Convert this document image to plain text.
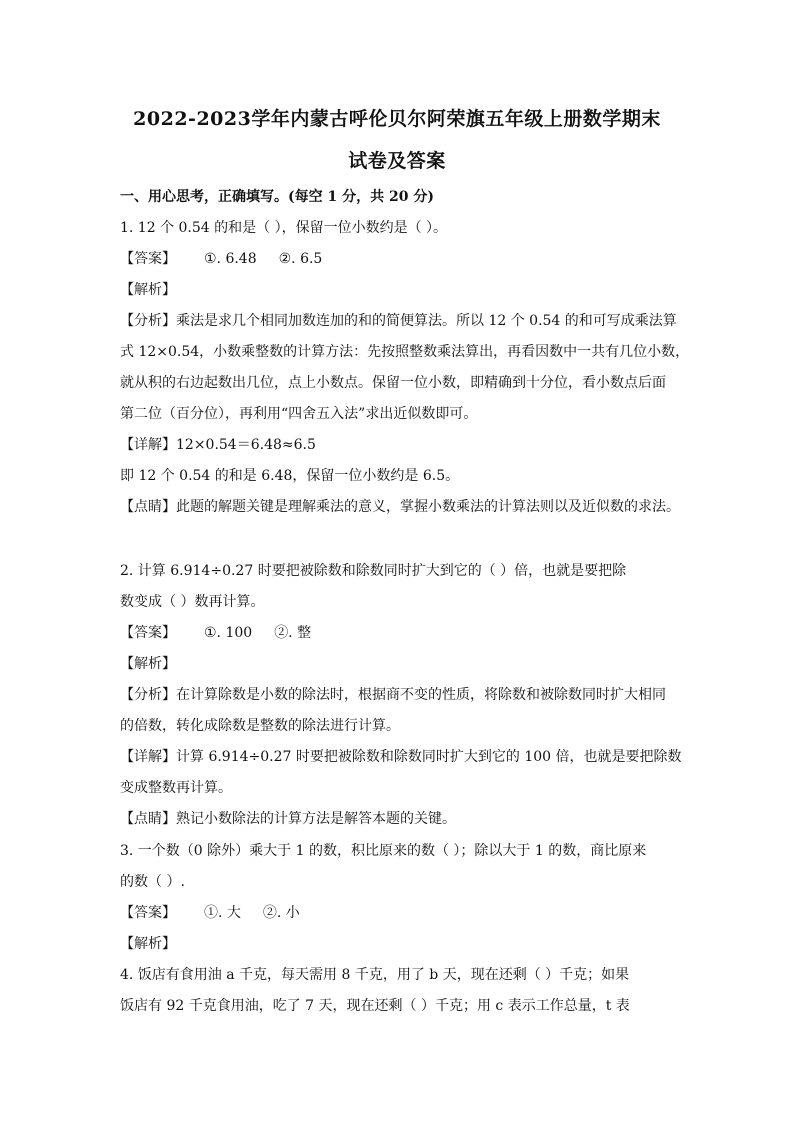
2022-2023学年内蒙古呼伦贝尔阿荣旗五年级上册数学期末
试卷及答案
一、用心思考，正确填写。(每空 1 分，共 20 分)
1. 12 个 0.54 的和是（ ），保留一位小数约是（ ）。
【答案】 ①. 6.48 ②. 6.5
【解析】
【分析】乘法是求几个相同加数连加的和的简便算法。所以 12 个 0.54 的和可写成乘法算
式 12×0.54，小数乘整数的计算方法：先按照整数乘法算出，再看因数中一共有几位小数，
就从积的右边起数出几位，点上小数点。保留一位小数，即精确到十分位，看小数点后面
第二位（百分位），再利用“四舍五入法”求出近似数即可。
【详解】12×0.54＝6.48≈6.5
即 12 个 0.54 的和是 6.48，保留一位小数约是 6.5。
【点睛】此题的解题关键是理解乘法的意义，掌握小数乘法的计算法则以及近似数的求法。
2. 计算 6.914÷0.27 时要把被除数和除数同时扩大到它的（ ）倍，也就是要把除
数变成（ ）数再计算。
【答案】 ①. 100 ②. 整
【解析】
【分析】在计算除数是小数的除法时，根据商不变的性质，将除数和被除数同时扩大相同
的倍数，转化成除数是整数的除法进行计算。
【详解】计算 6.914÷0.27 时要把被除数和除数同时扩大到它的 100 倍，也就是要把除数
变成整数再计算。
【点睛】熟记小数除法的计算方法是解答本题的关键。
3. 一个数（0 除外）乘大于 1 的数，积比原来的数（ ）；除以大于 1 的数，商比原来
的数（ ）.
【答案】 ①. 大 ②. 小
【解析】
4. 饭店有食用油 a 千克，每天需用 8 千克，用了 b 天，现在还剩（ ）千克；如果
饭店有 92 千克食用油，吃了 7 天，现在还剩（ ）千克；用 c 表示工作总量，t 表
